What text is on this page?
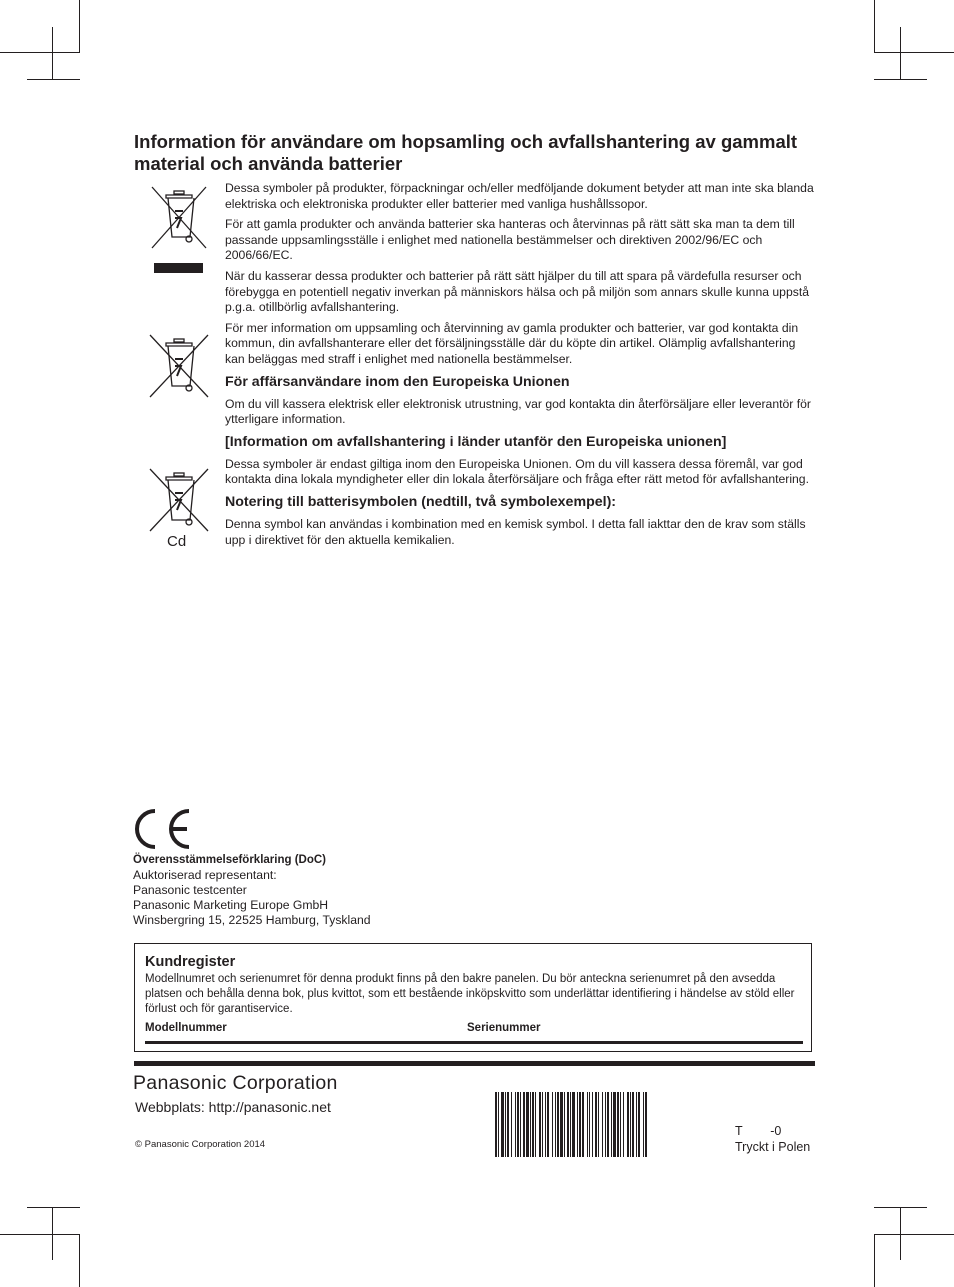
Information för användare om hopsamling och avfallshantering av gammalt material och använda batterier
Cd

Dessa symboler på produkter, förpackningar och/eller medföljande dokument betyder att man inte ska blanda elektriska och elektroniska produkter eller batterier med vanliga hushållssopor.

För att gamla produkter och använda batterier ska hanteras och återvinnas på rätt sätt ska man ta dem till passande uppsamlingsställe i enlighet med nationella bestämmelser och direktiven 2002/96/EC och 2006/66/EC.

När du kasserar dessa produkter och batterier på rätt sätt hjälper du till att spara på värdefulla resurser och förebygga en potentiell negativ inverkan på människors hälsa och på miljön som annars skulle kunna uppstå p.g.a. otillbörlig avfallshantering.

För mer information om uppsamling och återvinning av gamla produkter och batterier, var god kontakta din kommun, din avfallshanterare eller det försäljningsställe där du köpte din artikel. Olämplig avfallshantering kan beläggas med straff i enlighet med nationella bestämmelser.

För affärsanvändare inom den Europeiska Unionen

Om du vill kassera elektrisk eller elektronisk utrustning, var god kontakta din återförsäljare eller leverantör för ytterligare information.

[Information om avfallshantering i länder utanför den Europeiska unionen]

Dessa symboler är endast giltiga inom den Europeiska Unionen. Om du vill kassera dessa föremål, var god kontakta dina lokala myndigheter eller din lokala återförsäljare och fråga efter rätt metod för avfallshantering.

Notering till batterisymbolen (nedtill, två symbolexempel):

Denna symbol kan användas i kombination med en kemisk symbol. I detta fall iakttar den de krav som ställs upp i direktivet för den aktuella kemikalien.

Överensstämmelseförklaring (DoC)
Auktoriserad representant:
Panasonic testcenter
Panasonic Marketing Europe GmbH
Winsbergring 15, 22525 Hamburg, Tyskland
Kundregister
Modellnumret och serienumret för denna produkt finns på den bakre panelen. Du bör anteckna serienumret på den avsedda platsen och behålla denna bok, plus kvittot, som ett bestående inköpskvitto som underlättar identifiering i händelse av stöld eller förlust och för garantiservice.
Modellnummer	Serienummer
Panasonic Corporation
Webbplats: http://panasonic.net
© Panasonic Corporation 2014
T        -0
Tryckt i Polen
